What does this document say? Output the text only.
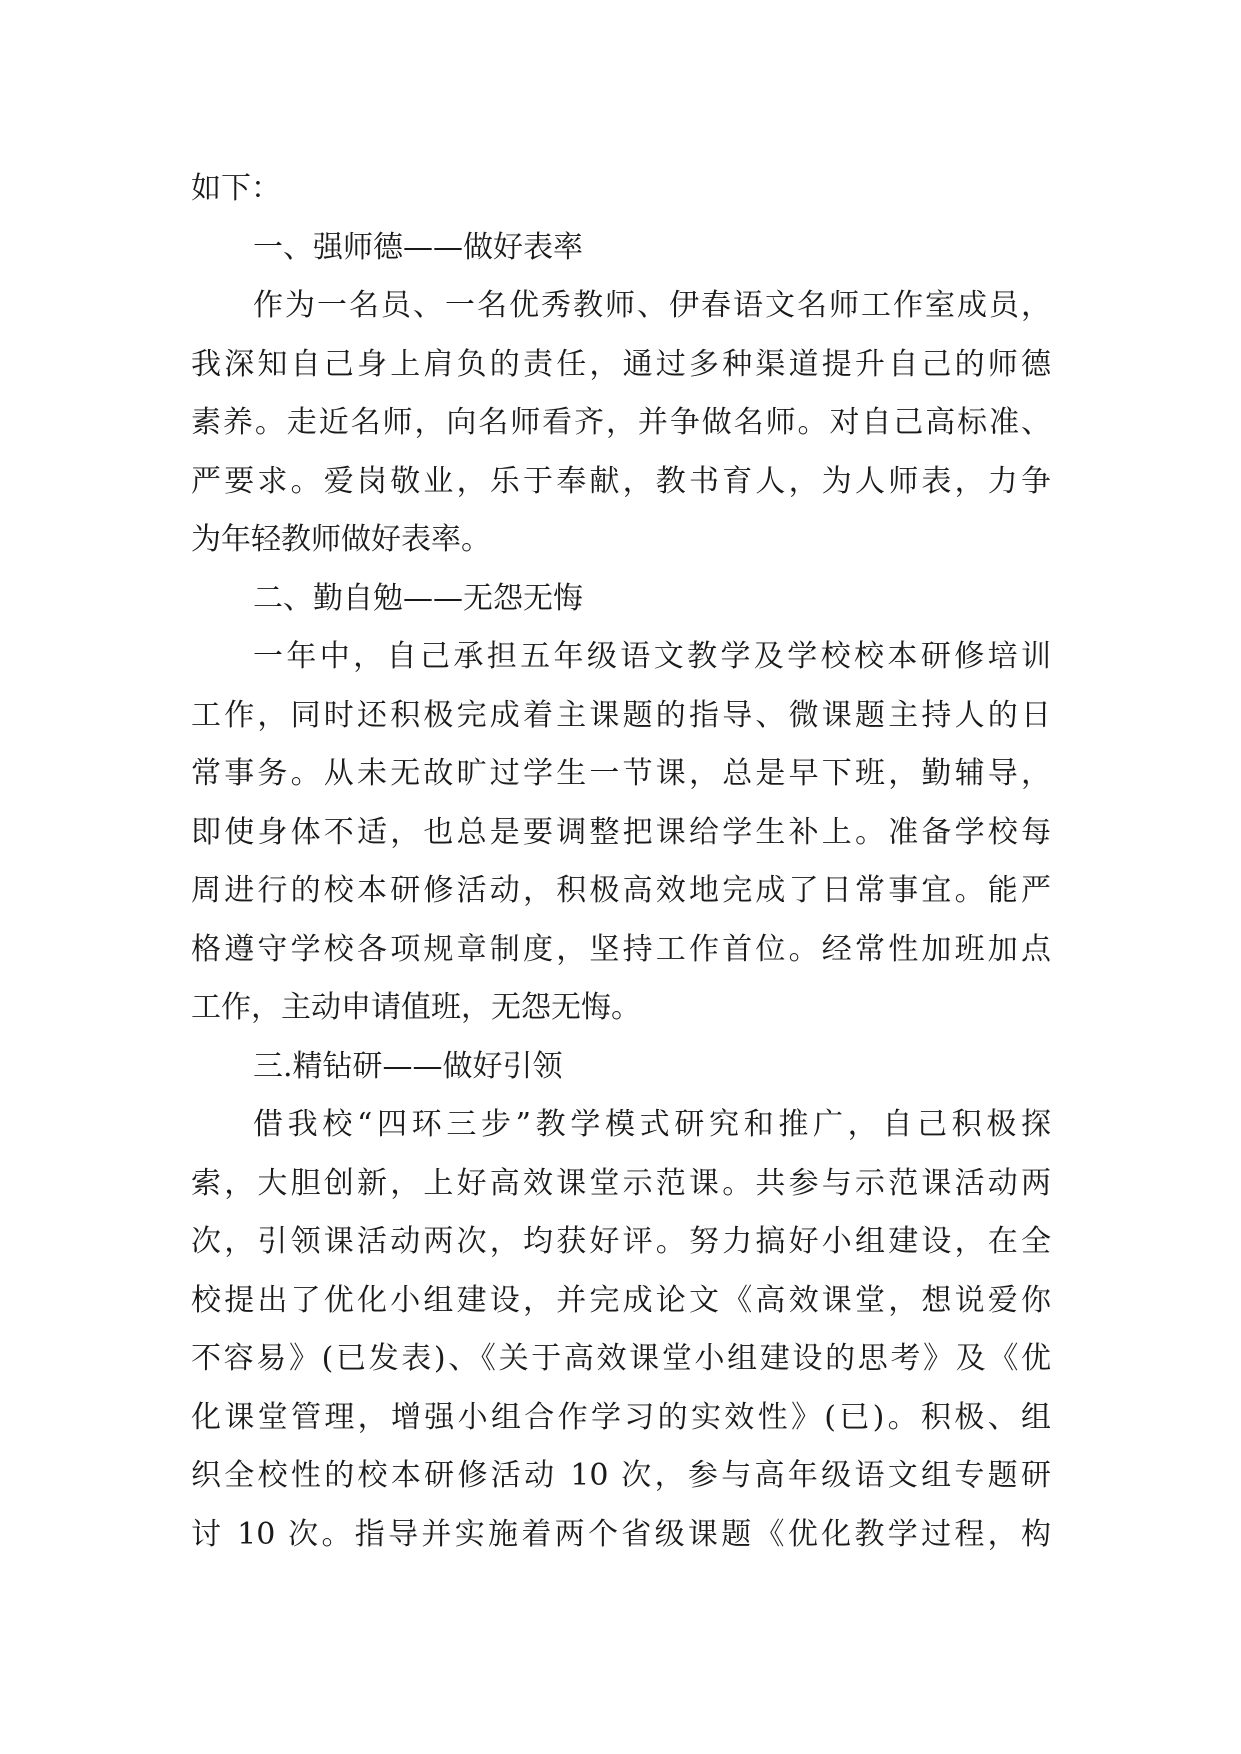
如下：
一、强师德——做好表率
作为一名员、一名优秀教师、伊春语文名师工作室成员，
我深知自己身上肩负的责任，通过多种渠道提升自己的师德
素养。走近名师，向名师看齐，并争做名师。对自己高标准、
严要求。爱岗敬业，乐于奉献，教书育人，为人师表，力争
为年轻教师做好表率。
二、勤自勉——无怨无悔
一年中，自己承担五年级语文教学及学校校本研修培训
工作，同时还积极完成着主课题的指导、微课题主持人的日
常事务。从未无故旷过学生一节课，总是早下班，勤辅导，
即使身体不适，也总是要调整把课给学生补上。准备学校每
周进行的校本研修活动，积极高效地完成了日常事宜。能严
格遵守学校各项规章制度，坚持工作首位。经常性加班加点
工作，主动申请值班，无怨无悔。
三.精钻研——做好引领
借我校“四环三步”教学模式研究和推广，自己积极探
索，大胆创新，上好高效课堂示范课。共参与示范课活动两
次，引领课活动两次，均获好评。努力搞好小组建设，在全
校提出了优化小组建设，并完成论文《高效课堂，想说爱你
不容易》(已发表)、《关于高效课堂小组建设的思考》及《优
化课堂管理，增强小组合作学习的实效性》(已)。积极、组
织全校性的校本研修活动 10 次，参与高年级语文组专题研
讨 10 次。指导并实施着两个省级课题《优化教学过程，构
